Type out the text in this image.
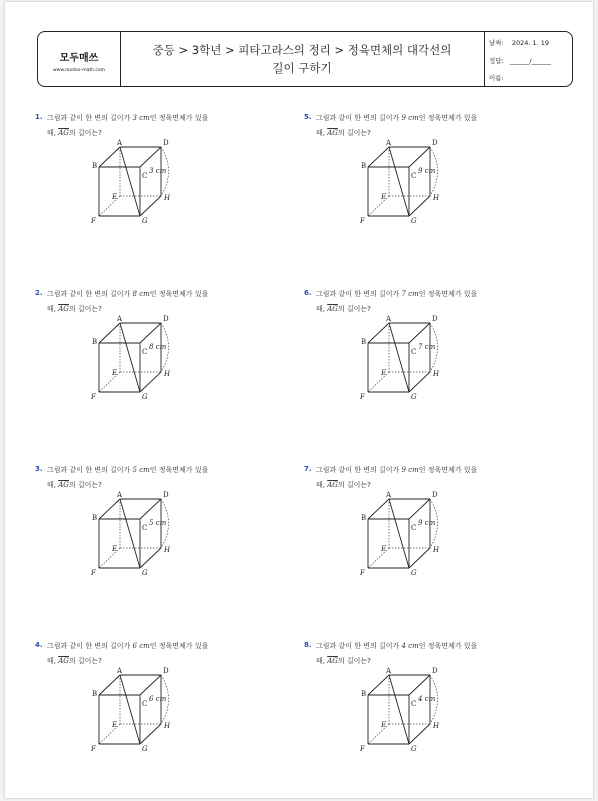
모두매쓰
www.modoo-math.com
중등 > 3학년 > 피타고라스의 정리 > 정육면체의 대각선의
길이 구하기
날짜: 2024. 1. 19
정답: ______/______
이름:
1. 그림과 같이 한 변의 길이가 3 cm인 정육면체가 있을
때, $\overline{AG}$의 길이는?
A	D
B
C
E	H
F	G
3 cm
2. 그림과 같이 한 변의 길이가 8 cm인 정육면체가 있을
때, $\overline{AG}$의 길이는?
A	D
B
C
E	H
F	G
8 cm
3. 그림과 같이 한 변의 길이가 5 cm인 정육면체가 있을
때, $\overline{AG}$의 길이는?
A	D
B
C
E	H
F	G
5 cm
4. 그림과 같이 한 변의 길이가 6 cm인 정육면체가 있을
때, $\overline{AG}$의 길이는?
A	D
B
C
E	H
F	G
6 cm
5. 그림과 같이 한 변의 길이가 9 cm인 정육면체가 있을
때, $\overline{AG}$의 길이는?
A	D
B
C
E	H
F	G
9 cm
6. 그림과 같이 한 변의 길이가 7 cm인 정육면체가 있을
때, $\overline{AG}$의 길이는?
A	D
B
C
E	H
F	G
7 cm
7. 그림과 같이 한 변의 길이가 9 cm인 정육면체가 있을
때, $\overline{AG}$의 길이는?
A	D
B
C
E	H
F	G
9 cm
8. 그림과 같이 한 변의 길이가 4 cm인 정육면체가 있을
때, $\overline{AG}$의 길이는?
A	D
B
C
E	H
F	G
4 cm
